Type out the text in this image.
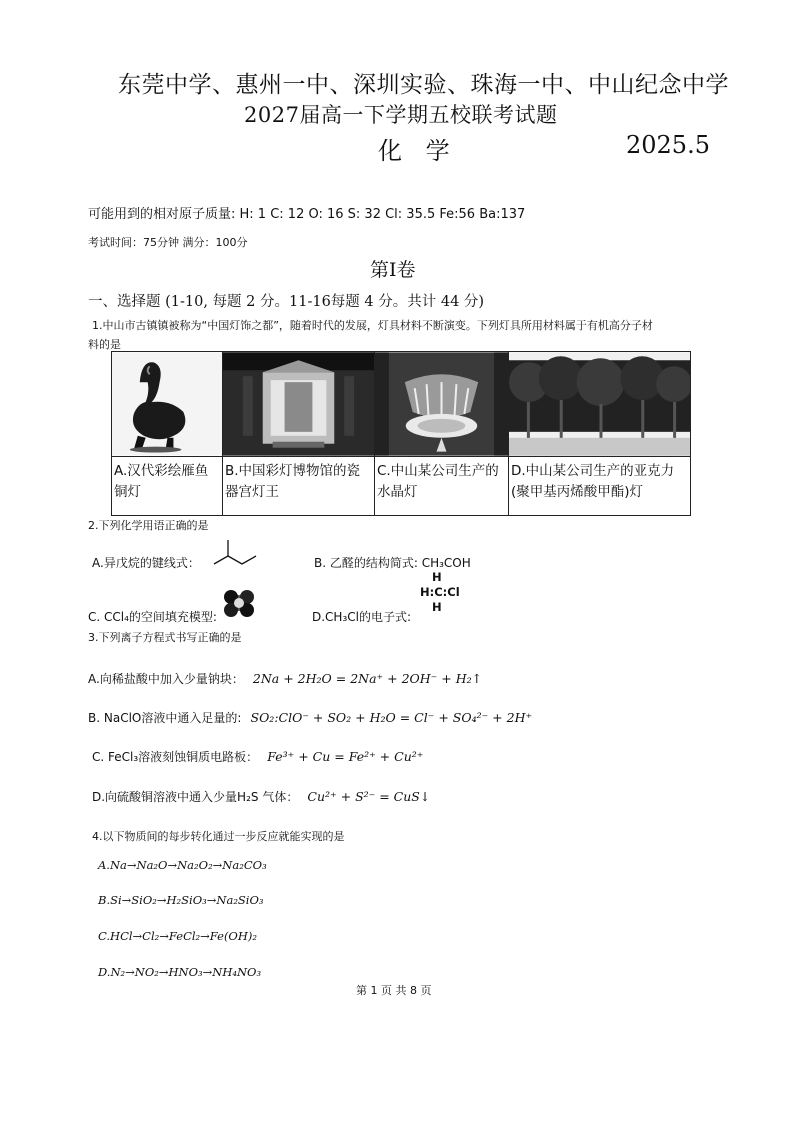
东莞中学、惠州一中、深圳实验、珠海一中、中山纪念中学
2027届高一下学期五校联考试题
化 学	2025.5
可能用到的相对原子质量: H: 1 C: 12 O: 16 S: 32 Cl: 35.5 Fe:56 Ba:137
考试时间：75分钟 满分：100分
第Ⅰ卷
一、选择题 (1-10, 每题 2 分。11-16每题 4 分。共计 44 分)
1.中山市古镇镇被称为“中国灯饰之都”，随着时代的发展，灯具材料不断演变。下列灯具所用材料属于有机高分子材
料的是

A.汉代彩绘雁鱼铜灯	B.中国彩灯博物馆的瓷器宫灯王	C.中山某公司生产的水晶灯	D.中山某公司生产的亚克力(聚甲基丙烯酸甲酯)灯
2.下列化学用语正确的是
A.异戊烷的键线式：	B. 乙醛的结构简式: CH₃COH
C. CCl₄的空间填充模型:	D.CH₃Cl的电子式:
H
H:C:Cl
H
3.下列离子方程式书写正确的是
A.向稀盐酸中加入少量钠块： 2Na + 2H₂O = 2Na⁺ + 2OH⁻ + H₂↑
B. NaClO溶液中通入足量的: SO₂:ClO⁻ + SO₂ + H₂O = Cl⁻ + SO₄²⁻ + 2H⁺
C. FeCl₃溶液刻蚀铜质电路板： Fe³⁺ + Cu = Fe²⁺ + Cu²⁺
D.向硫酸铜溶液中通入少量H₂S 气体： Cu²⁺ + S²⁻ = CuS↓
4.以下物质间的每步转化通过一步反应就能实现的是
A.Na→Na₂O→Na₂O₂→Na₂CO₃
B.Si→SiO₂→H₂SiO₃→Na₂SiO₃
C.HCl→Cl₂→FeCl₂→Fe(OH)₂
D.N₂→NO₂→HNO₃→NH₄NO₃
第 1 页 共 8 页
